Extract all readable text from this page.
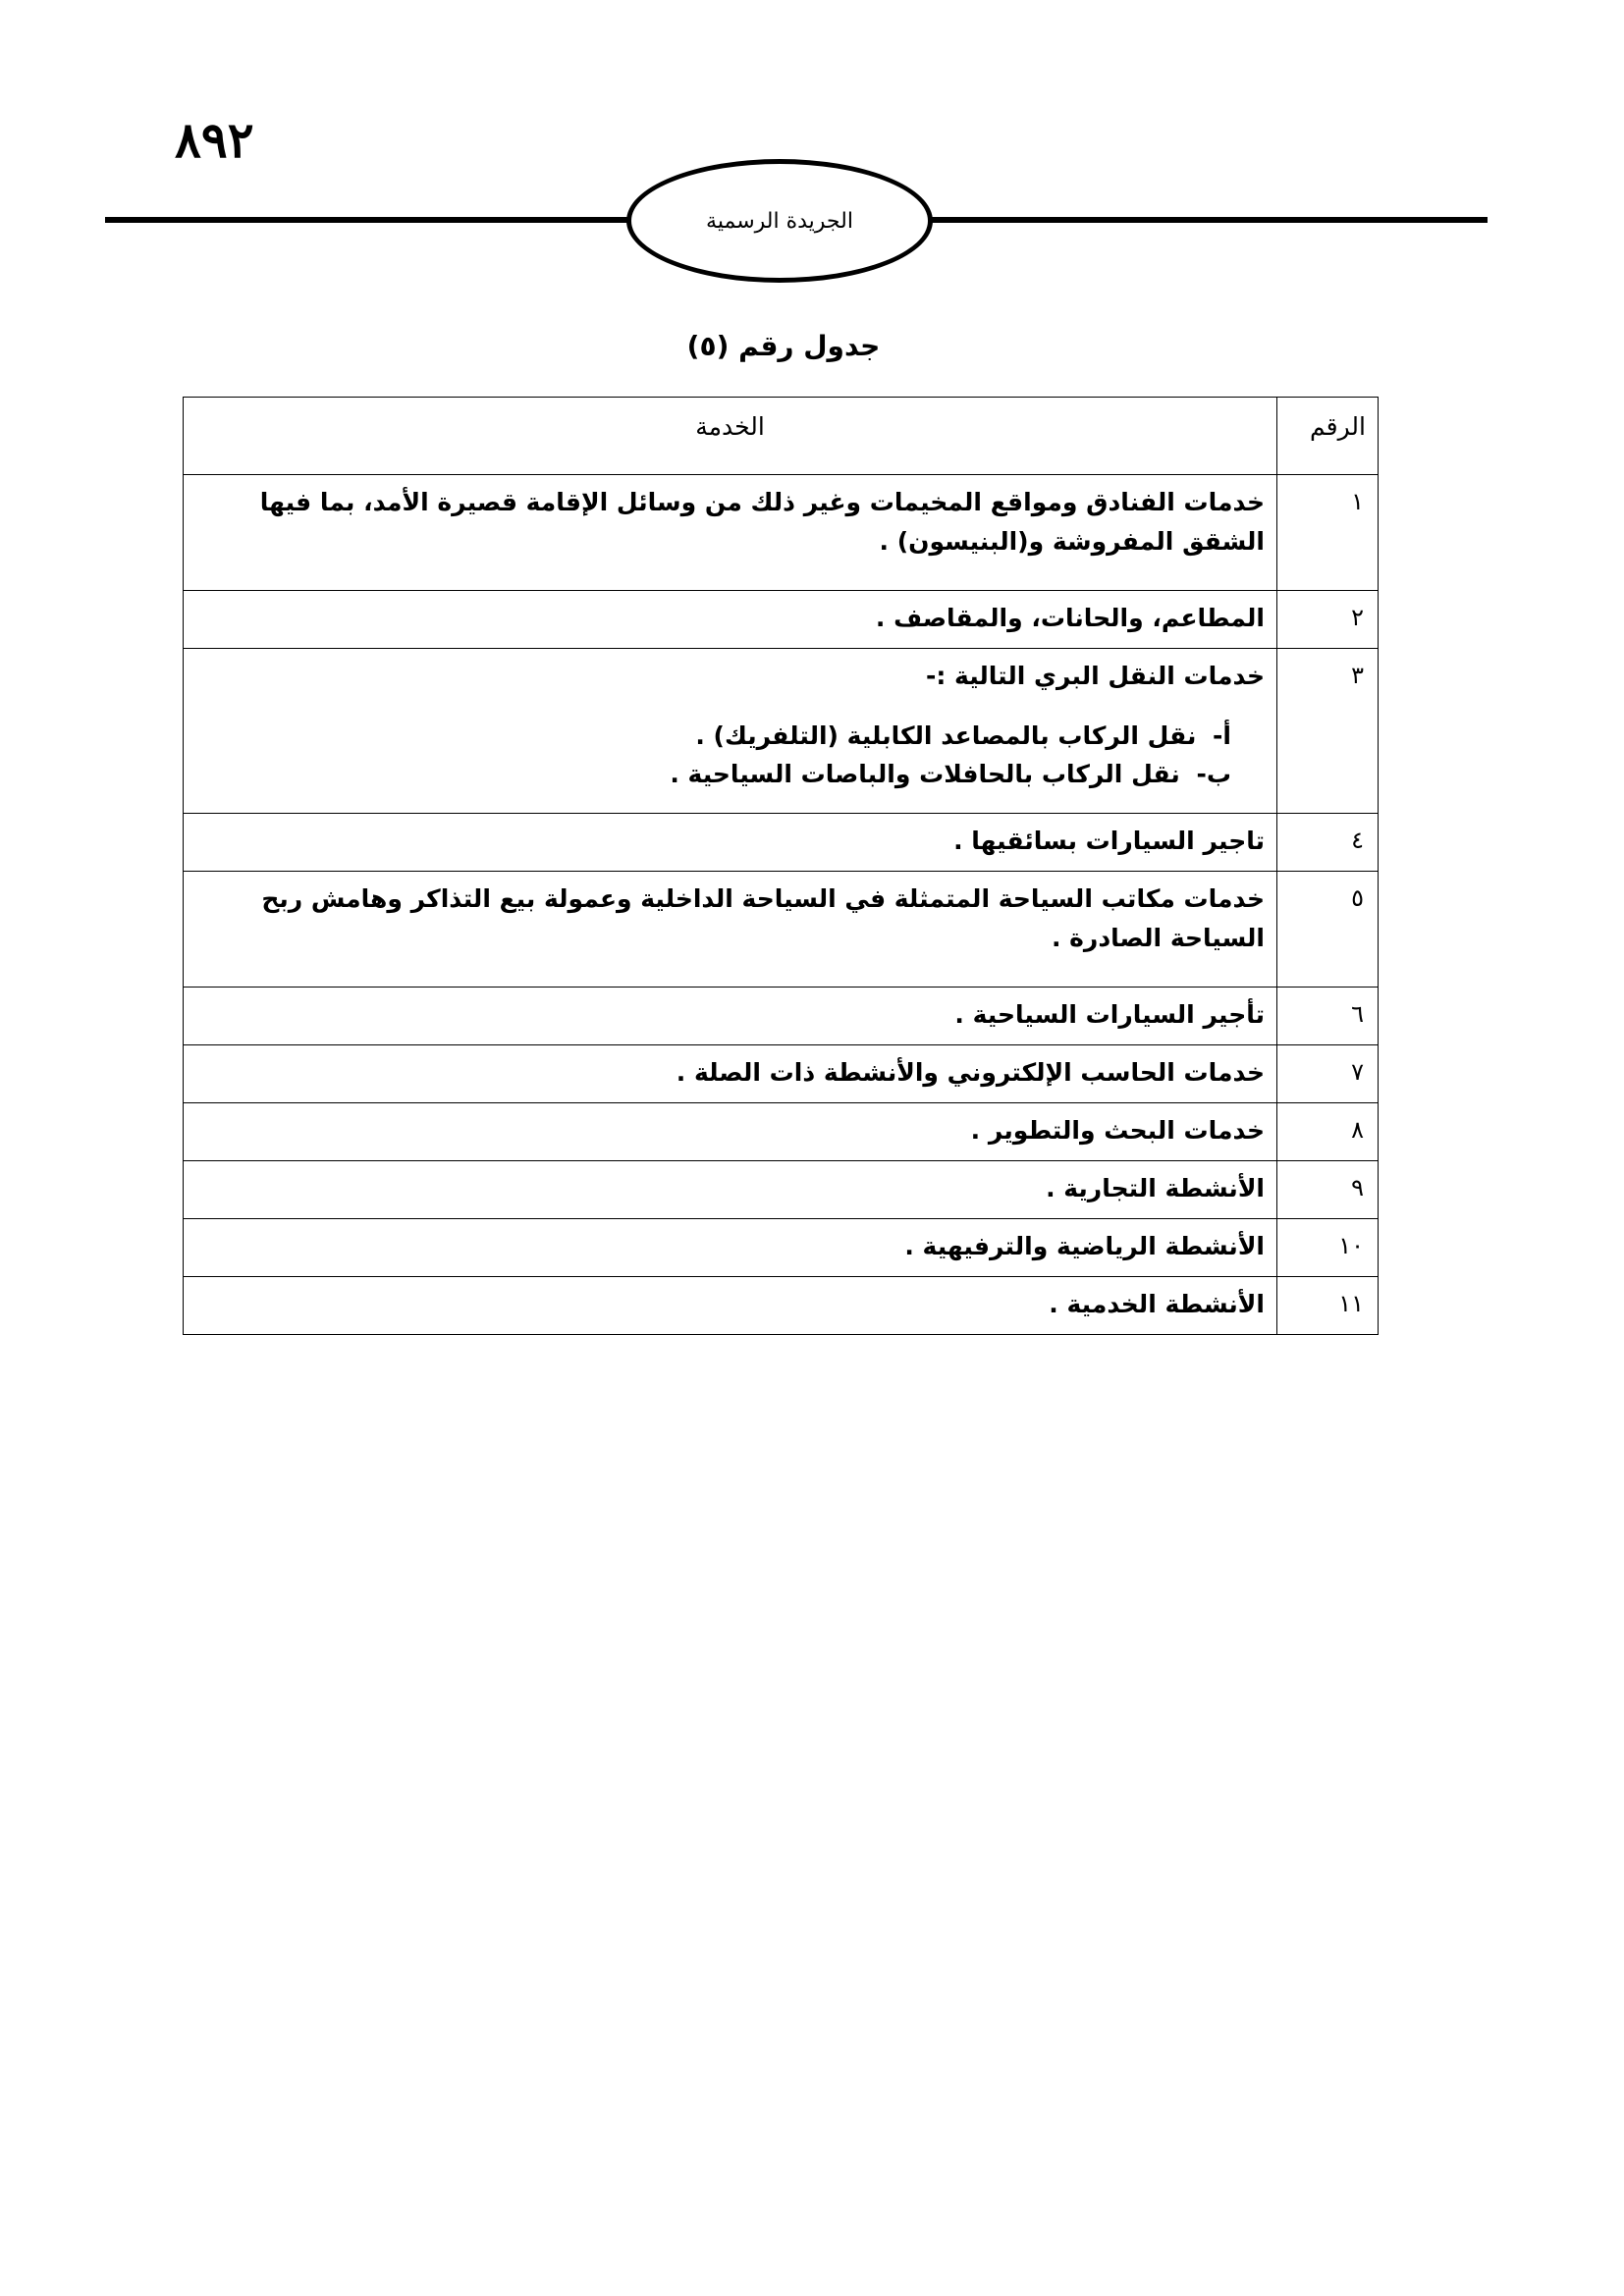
٨٩٢
الجريدة الرسمية
جدول رقم (٥)
الرقم	الخدمة
١	خدمات الفنادق ومواقع المخيمات وغير ذلك من وسائل الإقامة قصيرة الأمد، بما فيها الشقق المفروشة و(البنيسون) .
٢	المطاعم، والحانات، والمقاصف .
٣	خدمات النقل البري التالية :-
أ- نقل الركاب بالمصاعد الكابلية (التلفريك) .
ب- نقل الركاب بالحافلات والباصات السياحية .

٤	تاجير السيارات بسائقيها .
٥	خدمات مكاتب السياحة المتمثلة في السياحة الداخلية وعمولة بيع التذاكر وهامش ربح السياحة الصادرة .
٦	تأجير السيارات السياحية .
٧	خدمات الحاسب الإلكتروني والأنشطة ذات الصلة .
٨	خدمات البحث والتطوير .
٩	الأنشطة التجارية .
١٠	الأنشطة الرياضية والترفيهية .
١١	الأنشطة الخدمية .
